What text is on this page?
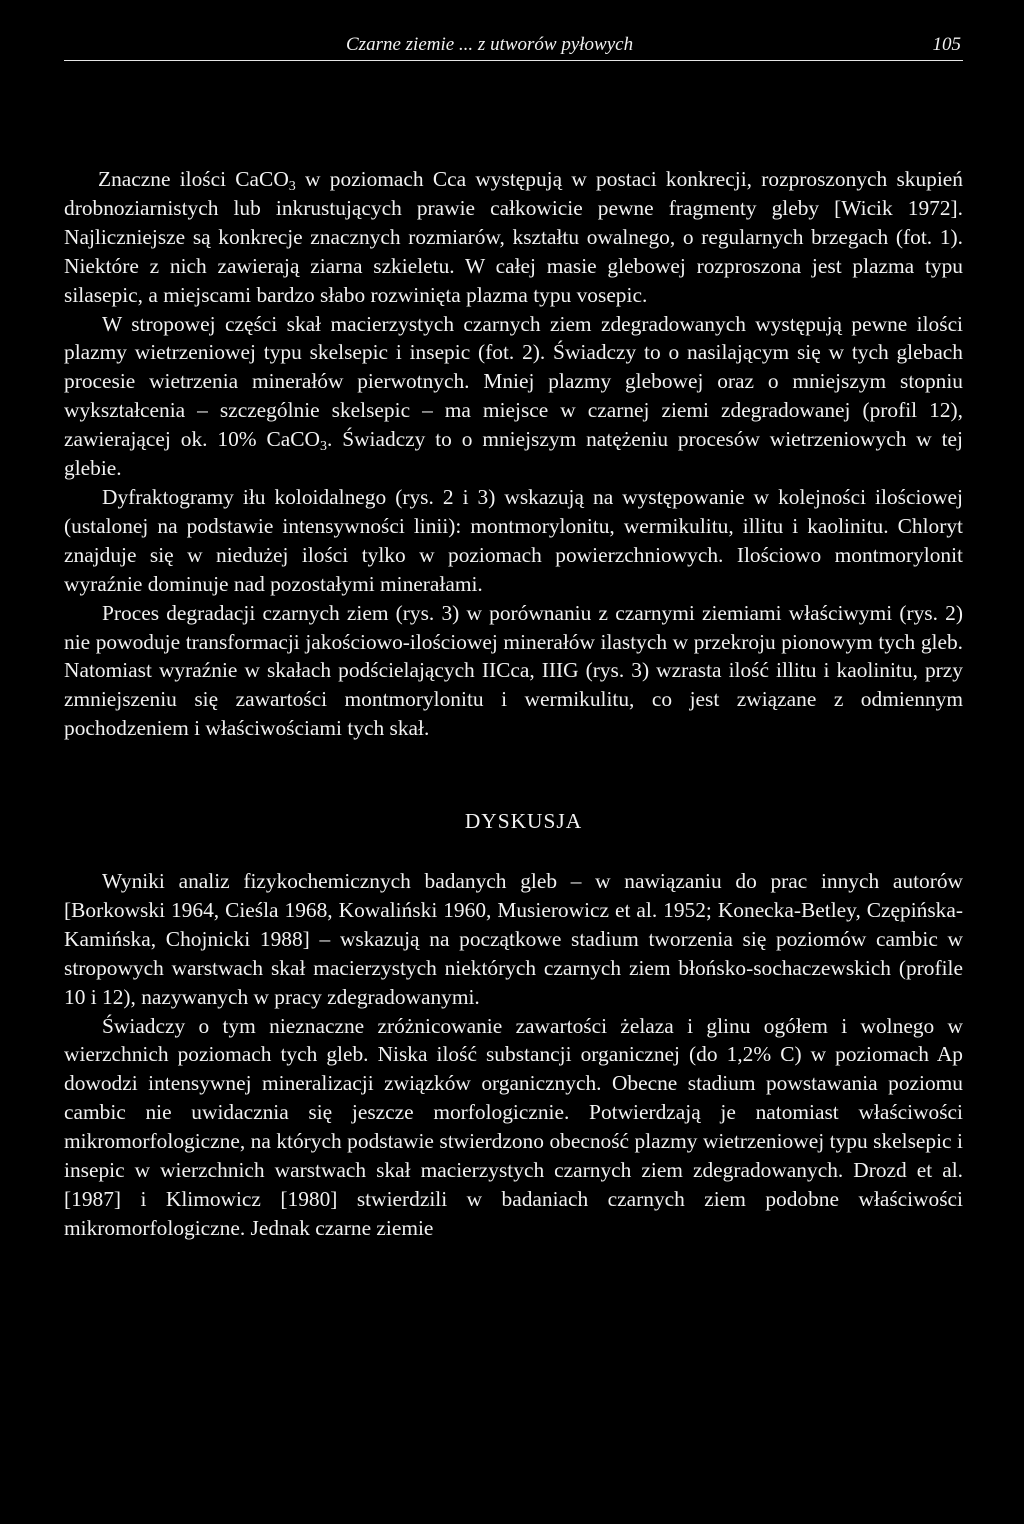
Czarne ziemie ... z utworów pyłowych	105

Znaczne ilości CaCO$_3$ w poziomach Cca występują w postaci konkrecji, rozproszonych skupień drobnoziarnistych lub inkrustujących prawie całkowicie pewne fragmenty gleby [Wicik 1972]. Najliczniejsze są konkrecje znacznych rozmiarów, kształtu owalnego, o regularnych brzegach (fot. 1). Niektóre z nich zawierają ziarna szkieletu. W całej masie glebowej rozproszona jest plazma typu silasepic, a miejscami bardzo słabo rozwinięta plazma typu vosepic.

W stropowej części skał macierzystych czarnych ziem zdegradowanych występują pewne ilości plazmy wietrzeniowej typu skelsepic i insepic (fot. 2). Świadczy to o nasilającym się w tych glebach procesie wietrzenia minerałów pierwotnych. Mniej plazmy glebowej oraz o mniejszym stopniu wykształcenia – szczególnie skelsepic – ma miejsce w czarnej ziemi zdegradowanej (profil 12), zawierającej ok. 10% CaCO$_3$. Świadczy to o mniejszym natężeniu procesów wietrzeniowych w tej glebie.

Dyfraktogramy iłu koloidalnego (rys. 2 i 3) wskazują na występowanie w kolejności ilościowej (ustalonej na podstawie intensywności linii): montmorylonitu, wermikulitu, illitu i kaolinitu. Chloryt znajduje się w niedużej ilości tylko w poziomach powierzchniowych. Ilościowo montmorylonit wyraźnie dominuje nad pozostałymi minerałami.

Proces degradacji czarnych ziem (rys. 3) w porównaniu z czarnymi ziemiami właściwymi (rys. 2) nie powoduje transformacji jakościowo-ilościowej minerałów ilastych w przekroju pionowym tych gleb. Natomiast wyraźnie w skałach podścielających IICca, IIIG (rys. 3) wzrasta ilość illitu i kaolinitu, przy zmniejszeniu się zawartości montmorylonitu i wermikulitu, co jest związane z odmiennym pochodzeniem i właściwościami tych skał.

DYSKUSJA

Wyniki analiz fizykochemicznych badanych gleb – w nawiązaniu do prac innych autorów [Borkowski 1964, Cieśla 1968, Kowaliński 1960, Musierowicz et al. 1952; Konecka-Betley, Czępińska-Kamińska, Chojnicki 1988] – wskazują na początkowe stadium tworzenia się poziomów cambic w stropowych warstwach skał macierzystych niektórych czarnych ziem błońsko-sochaczewskich (profile 10 i 12), nazywanych w pracy zdegradowanymi.

Świadczy o tym nieznaczne zróżnicowanie zawartości żelaza i glinu ogółem i wolnego w wierzchnich poziomach tych gleb. Niska ilość substancji organicznej (do 1,2% C) w poziomach Ap dowodzi intensywnej mineralizacji związków organicznych. Obecne stadium powstawania poziomu cambic nie uwidacznia się jeszcze morfologicznie. Potwierdzają je natomiast właściwości mikromorfologiczne, na których podstawie stwierdzono obecność plazmy wietrzeniowej typu skelsepic i insepic w wierzchnich warstwach skał macierzystych czarnych ziem zdegradowanych. Drozd et al. [1987] i Klimowicz [1980] stwierdzili w badaniach czarnych ziem podobne właściwości mikromorfologiczne. Jednak czarne ziemie
